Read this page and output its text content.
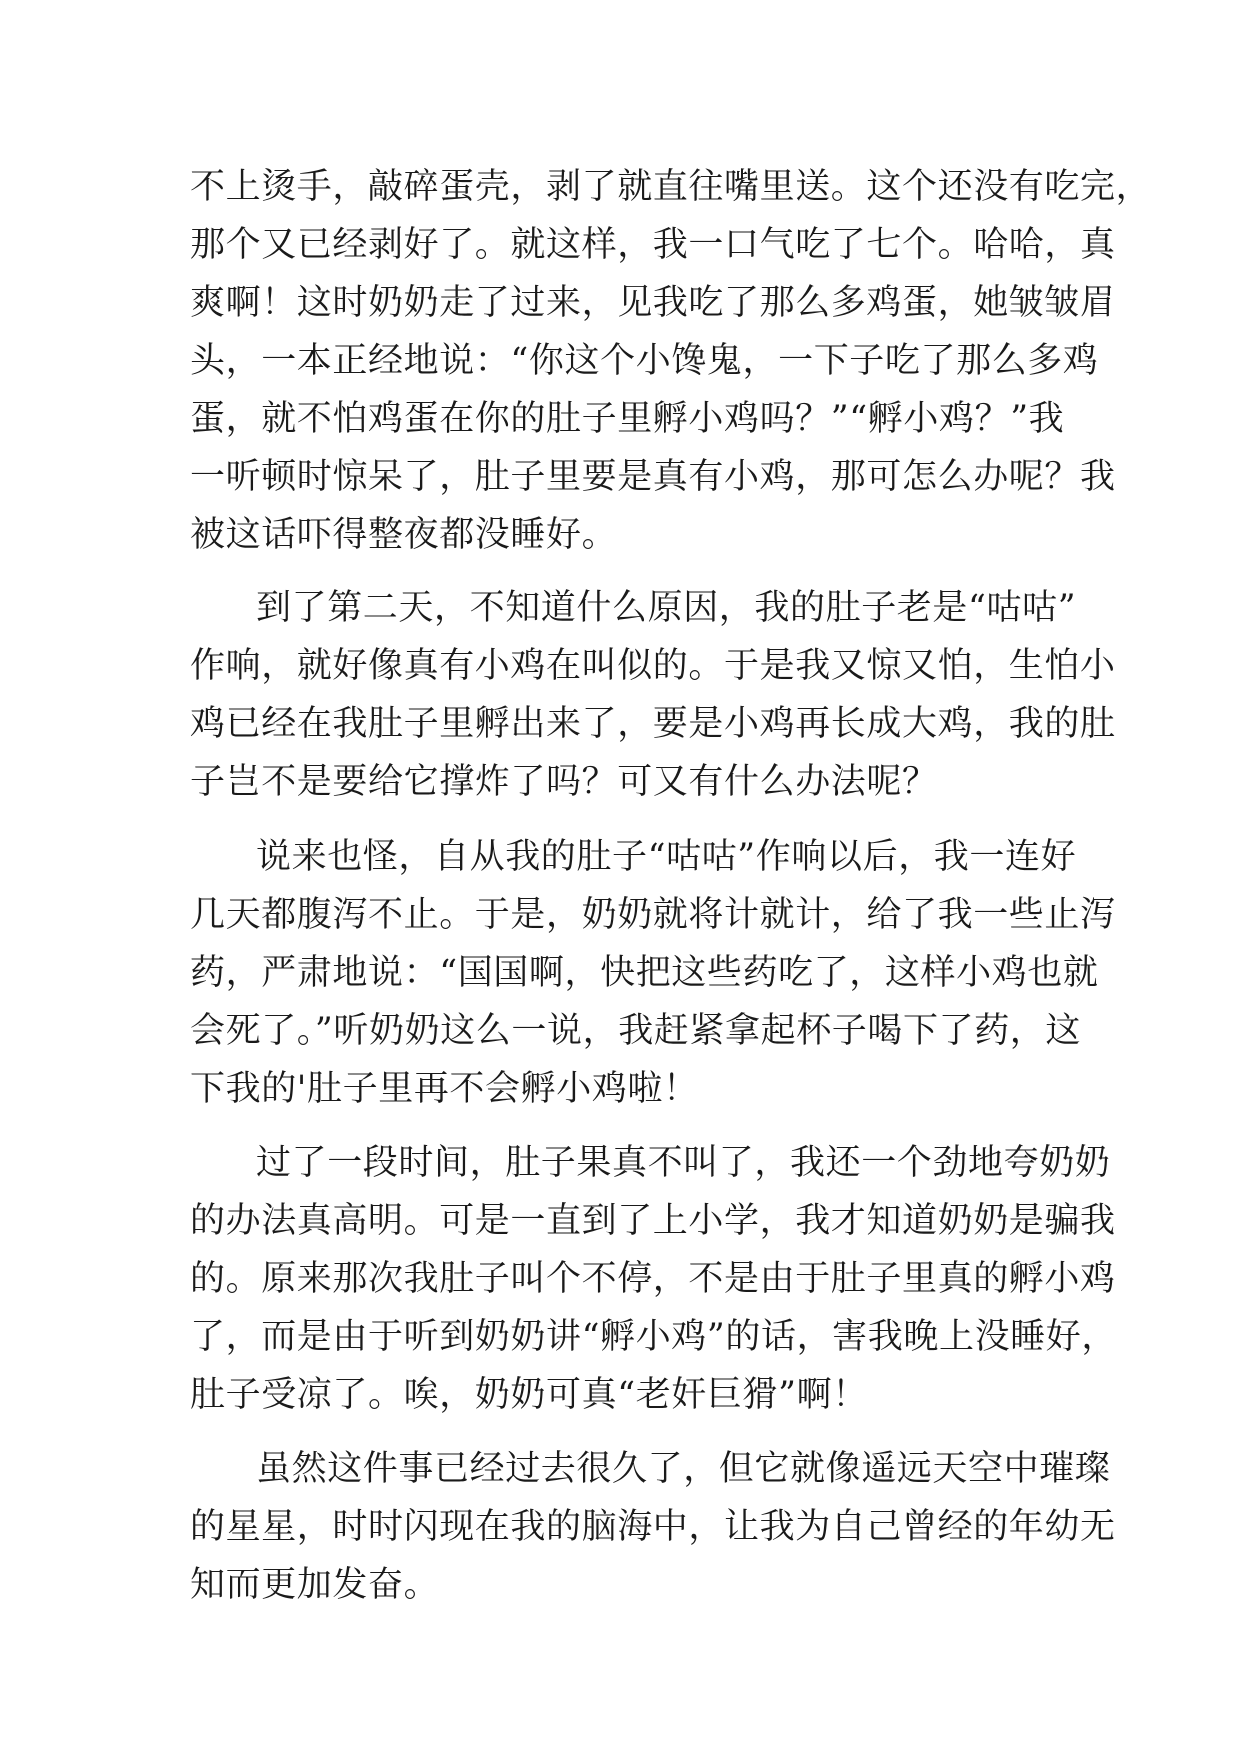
不上烫手，敲碎蛋壳，剥了就直往嘴里送。这个还没有吃完，
那个又已经剥好了。就这样，我一口气吃了七个。哈哈，真
爽啊！这时奶奶走了过来，见我吃了那么多鸡蛋，她皱皱眉
头，一本正经地说：“你这个小馋鬼，一下子吃了那么多鸡
蛋，就不怕鸡蛋在你的肚子里孵小鸡吗？”“孵小鸡？”我
一听顿时惊呆了，肚子里要是真有小鸡，那可怎么办呢？我
被这话吓得整夜都没睡好。
到了第二天，不知道什么原因，我的肚子老是“咕咕”
作响，就好像真有小鸡在叫似的。于是我又惊又怕，生怕小
鸡已经在我肚子里孵出来了，要是小鸡再长成大鸡，我的肚
子岂不是要给它撑炸了吗？可又有什么办法呢？
说来也怪，自从我的肚子“咕咕”作响以后，我一连好
几天都腹泻不止。于是，奶奶就将计就计，给了我一些止泻
药，严肃地说：“国国啊，快把这些药吃了，这样小鸡也就
会死了。”听奶奶这么一说，我赶紧拿起杯子喝下了药，这
下我的'肚子里再不会孵小鸡啦！
过了一段时间，肚子果真不叫了，我还一个劲地夸奶奶
的办法真高明。可是一直到了上小学，我才知道奶奶是骗我
的。原来那次我肚子叫个不停，不是由于肚子里真的孵小鸡
了，而是由于听到奶奶讲“孵小鸡”的话，害我晚上没睡好，
肚子受凉了。唉，奶奶可真“老奸巨猾”啊！
虽然这件事已经过去很久了，但它就像遥远天空中璀璨
的星星，时时闪现在我的脑海中，让我为自己曾经的年幼无
知而更加发奋。
